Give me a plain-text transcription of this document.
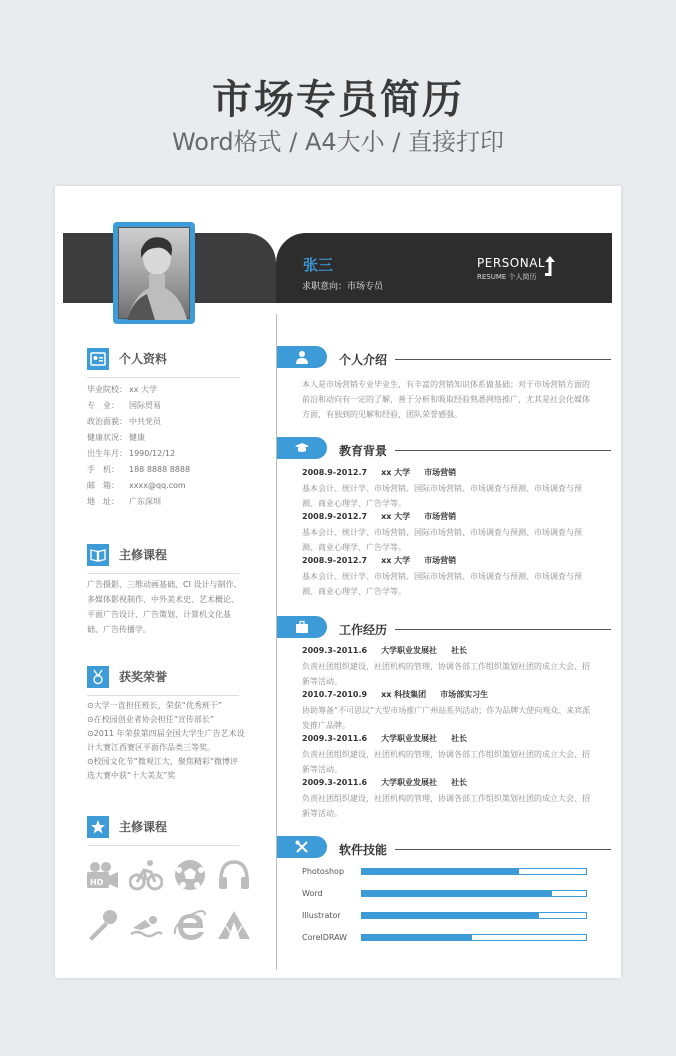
市场专员简历
Word格式 / A4大小 / 直接打印
张三
求职意向：市场专员
PERSONAL
RESUME 个人简历
个人资料
毕业院校： xx 大学
专　业： 国际贸易
政治面貌： 中共党员
健康状况： 健康
出生年月： 1990/12/12
手　机： 188 8888 8888
邮　箱： xxxx@qq.com
地　址： 广东深圳
主修课程
广告摄影、三维动画基础、CI 设计与制作、多媒体影视制作、中外美术史、艺术概论、平面广告设计、广告策划、计算机文化基础、广告传播学。
获奖荣誉
⊙大学一直担任班长，荣获“优秀班干”
⊙在校园创业者协会担任“宣传部长”
⊙2011 年荣获第四届全国大学生广告艺术设计大赛江西赛区平面作品类三等奖。
⊙校园文化节“微观江大，聚焦精彩”微博评选大赛中获“十大美友”奖
主修课程
HD
个人介绍
本人是市场营销专业毕业生，有丰富的营销知识体系做基础；对于市场营销方面的前沿和动向有一定的了解，善于分析和吸取经验熟悉网络推广，尤其是社会化媒体方面，有独到的见解和经验，团队荣誉感强。
教育背景
2008.9-2012.7 xx 大学 市场营销
基本会计、统计学、市场营销、国际市场营销、市场调查与预测、市场调查与预测、商业心理学、广告学等。
2008.9-2012.7 xx 大学 市场营销
基本会计、统计学、市场营销、国际市场营销、市场调查与预测、市场调查与预测、商业心理学、广告学等。
2008.9-2012.7 xx 大学 市场营销
基本会计、统计学、市场营销、国际市场营销、市场调查与预测、市场调查与预测、商业心理学、广告学等。
工作经历
2009.3-2011.6 大学职业发展社 社长
负责社团组织建设，社团机构的管理，协调各部工作组织策划社团的成立大会、招新等活动。
2010.7-2010.9 xx 科技集团 市场部实习生
协助筹备“不可思议”大型市场推广广州站系列活动；作为品牌大使向观众、来宾派发推广品牌。
2009.3-2011.6 大学职业发展社 社长
负责社团组织建设，社团机构的管理，协调各部工作组织策划社团的成立大会、招新等活动。
2009.3-2011.6 大学职业发展社 社长
负责社团组织建设，社团机构的管理，协调各部工作组织策划社团的成立大会、招新等活动。
软件技能
Photoshop
Word
Illustrator
CorelDRAW
